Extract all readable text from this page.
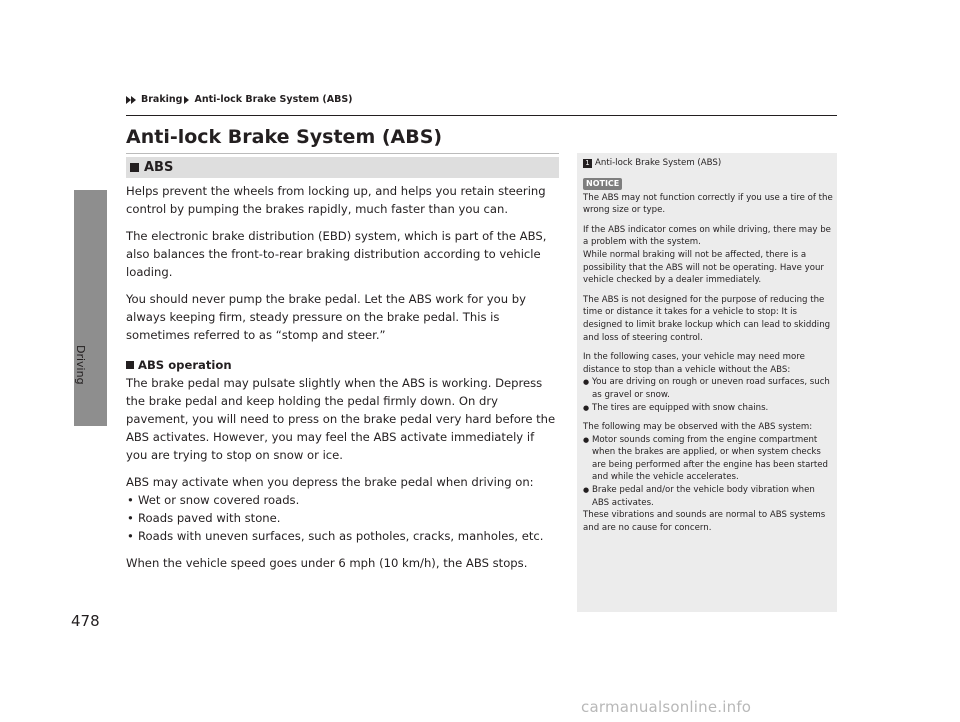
Driving
Braking Anti-lock Brake System (ABS)
Anti-lock Brake System (ABS)
ABS

Helps prevent the wheels from locking up, and helps you retain steering control by pumping the brakes rapidly, much faster than you can.

The electronic brake distribution (EBD) system, which is part of the ABS, also balances the front-to-rear braking distribution according to vehicle loading.

You should never pump the brake pedal. Let the ABS work for you by always keeping firm, steady pressure on the brake pedal. This is sometimes referred to as “stomp and steer.”

ABS operation

The brake pedal may pulsate slightly when the ABS is working. Depress the brake pedal and keep holding the pedal firmly down. On dry pavement, you will need to press on the brake pedal very hard before the ABS activates. However, you may feel the ABS activate immediately if you are trying to stop on snow or ice.

ABS may activate when you depress the brake pedal when driving on:

• Wet or snow covered roads.
• Roads paved with stone.
• Roads with uneven surfaces, such as potholes, cracks, manholes, etc.

When the vehicle speed goes under 6 mph (10 km/h), the ABS stops.

1 Anti-lock Brake System (ABS)
NOTICE

The ABS may not function correctly if you use a tire of the wrong size or type.

If the ABS indicator comes on while driving, there may be a problem with the system.

While normal braking will not be affected, there is a possibility that the ABS will not be operating. Have your vehicle checked by a dealer immediately.

The ABS is not designed for the purpose of reducing the time or distance it takes for a vehicle to stop: It is designed to limit brake lockup which can lead to skidding and loss of steering control.

In the following cases, your vehicle may need more distance to stop than a vehicle without the ABS:

● You are driving on rough or uneven road surfaces, such as gravel or snow.
● The tires are equipped with snow chains.

The following may be observed with the ABS system:

● Motor sounds coming from the engine compartment when the brakes are applied, or when system checks are being performed after the engine has been started and while the vehicle accelerates.
● Brake pedal and/or the vehicle body vibration when ABS activates.

These vibrations and sounds are normal to ABS systems and are no cause for concern.

478
carmanualsonline.info
